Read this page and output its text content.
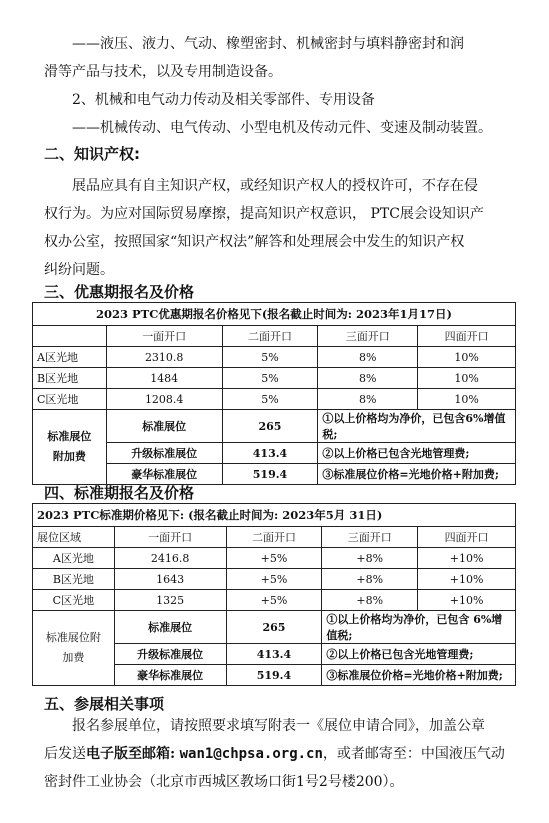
——液压、液力、气动、橡塑密封、机械密封与填料静密封和润
滑等产品与技术，以及专用制造设备。
2、机械和电气动力传动及相关零部件、专用设备
——机械传动、电气传动、小型电机及传动元件、变速及制动装置。
二、知识产权:
展品应具有自主知识产权，或经知识产权人的授权许可，不存在侵
权行为。为应对国际贸易摩擦，提高知识产权意识， PTC展会设知识产
权办公室，按照国家“知识产权法”解答和处理展会中发生的知识产权
纠纷问题。
三、优惠期报名及价格
2023 PTC优惠期报名价格见下(报名截止时间为: 2023年1月17日)				
	一面开口	二面开口	三面开口	四面开口
A区光地	2310.8	5%	8%	10%
B区光地	1484	5%	8%	10%
C区光地	1208.4	5%	8%	10%

标准展位
附加费	标准展位	265	①以上价格均为净价，已包含6%增值税;	
	升级标准展位	413.4	②以上价格已包含光地管理费;	
	豪华标准展位	519.4	③标准展位价格=光地价格+附加费;	
四、标准期报名及价格
2023 PTC标准期价格见下: (报名截止时间为: 2023年5月 31日)				
展位区域	一面开口	二面开口	三面开口	四面开口
A区光地	2416.8	+5%	+8%	+10%
B区光地	1643	+5%	+8%	+10%
C区光地	1325	+5%	+8%	+10%

标准展位附
加费	标准展位	265	①以上价格均为净价，已包含 6%增值税;	
	升级标准展位	413.4	②以上价格已包含光地管理费;	
	豪华标准展位	519.4	③标准展位价格=光地价格+附加费;	
五、参展相关事项
报名参展单位，请按照要求填写附表一《展位申请合同》，加盖公章
后发送电子版至邮箱: wan1@chpsa.org.cn，或者邮寄至：中国液压气动
密封件工业协会（北京市西城区教场口街1号2号楼200）。
